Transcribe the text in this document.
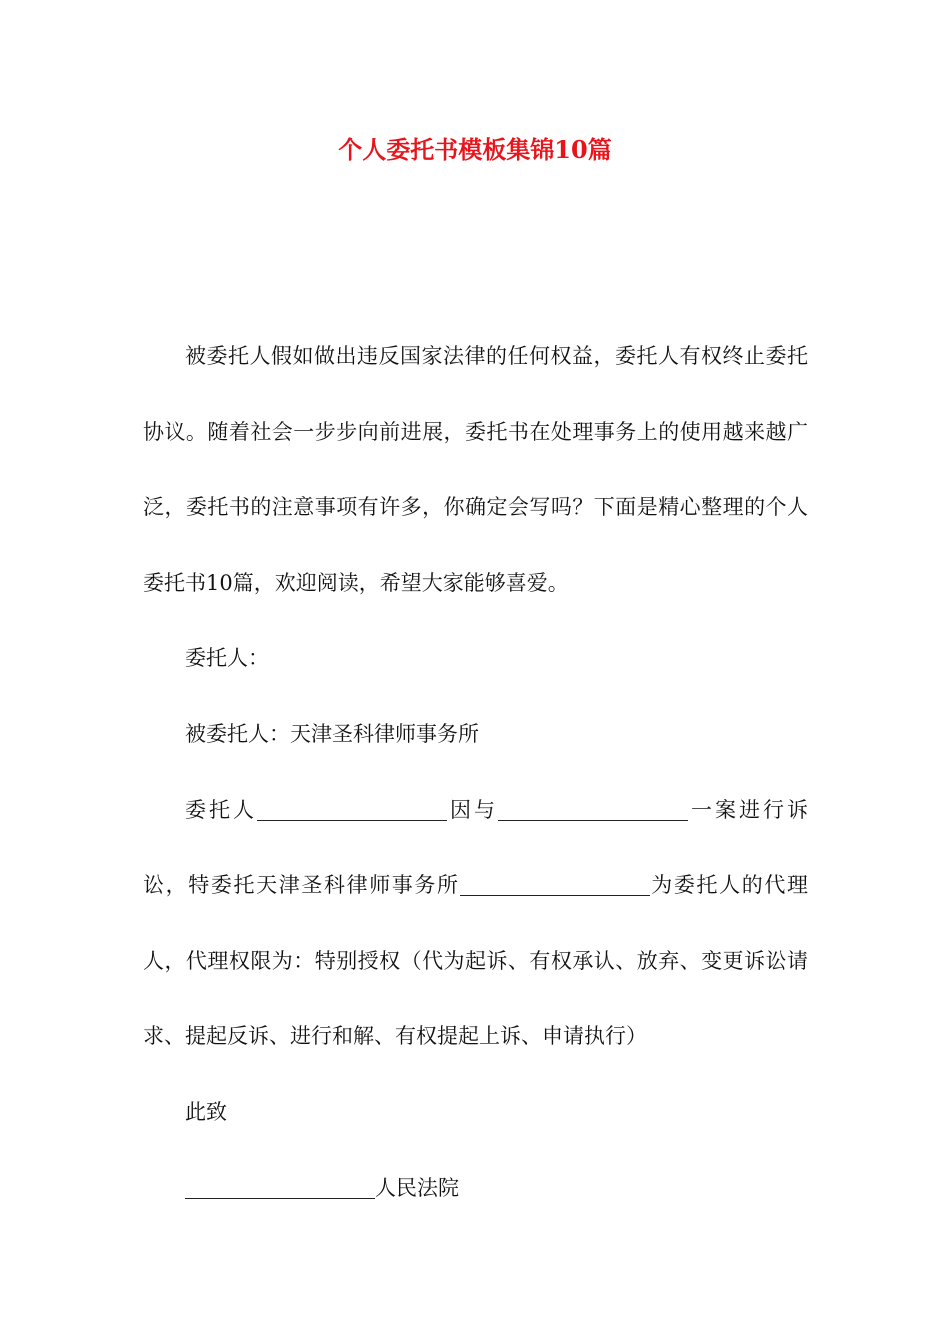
个人委托书模板集锦10篇

被委托人假如做出违反国家法律的任何权益，委托人有权终止委托协议。随着社会一步步向前进展，委托书在处理事务上的使用越来越广泛，委托书的注意事项有许多，你确定会写吗？下面是精心整理的个人委托书10篇，欢迎阅读，希望大家能够喜爱。

委托人：

被委托人：天津圣科律师事务所

委托人	因与	一案进行诉讼，特委托天津圣科律师事务所	为委托人的代理人，代理权限为：特别授权（代为起诉、有权承认、放弃、变更诉讼请求、提起反诉、进行和解、有权提起上诉、申请执行）

此致

人民法院
